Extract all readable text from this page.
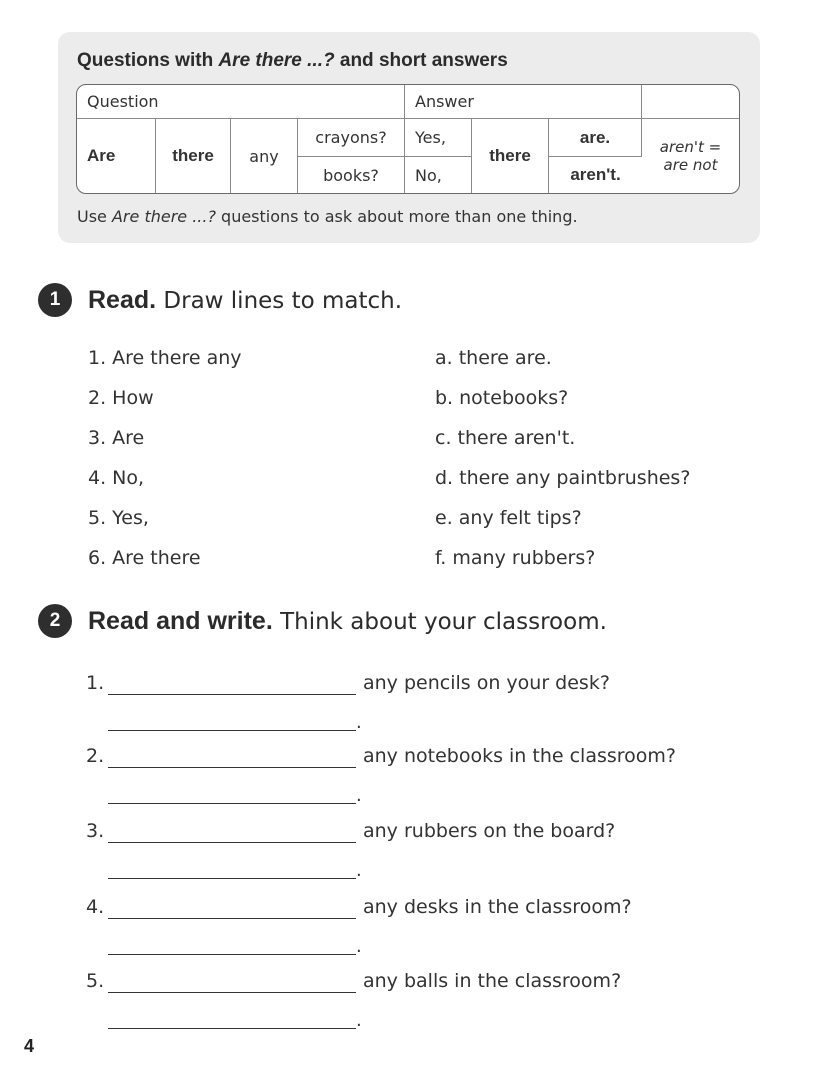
Questions with Are there ...? and short answers
Question				Answer			
Are	there	any	crayons?	Yes,	there	are.	aren't = are not
			books?	No,		aren't.	
Use Are there ...? questions to ask about more than one thing.
1	Read. Draw lines to match.
1. Are there any
2. How
3. Are
4. No,
5. Yes,
6. Are there
a. there are.
b. notebooks?
c. there aren't.
d. there any paintbrushes?
e. any felt tips?
f. many rubbers?
2	Read and write. Think about your classroom.
1.	any pencils on your desk?
.
2.	any notebooks in the classroom?
.
3.	any rubbers on the board?
.
4.	any desks in the classroom?
.
5.	any balls in the classroom?
.
4
